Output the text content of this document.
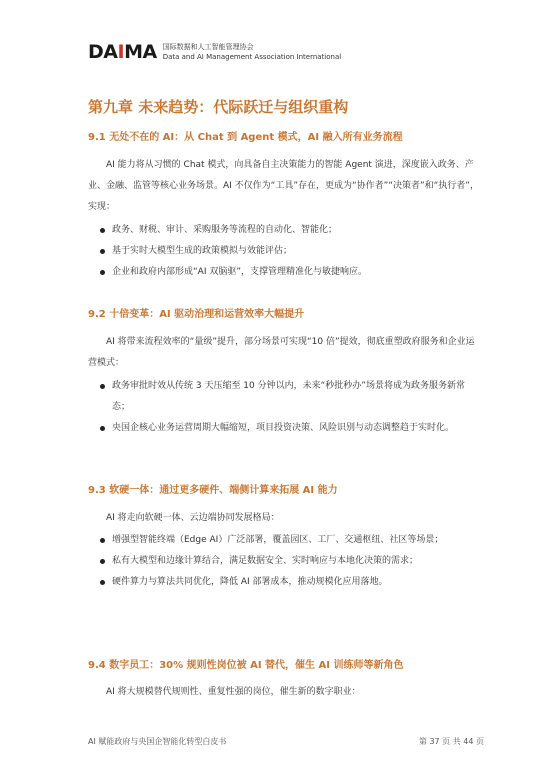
DAIMA 国际数据和人工智能管理协会
Data and AI Management Association International
第九章 未来趋势：代际跃迁与组织重构
9.1 无处不在的 AI：从 Chat 到 Agent 模式，AI 融入所有业务流程

AI 能力将从习惯的 Chat 模式，向具备自主决策能力的智能 Agent 演进，深度嵌入政务、产业、金融、监管等核心业务场景。AI 不仅作为“工具”存在，更成为“协作者”“决策者”和“执行者”，实现：

政务、财税、审计、采购服务等流程的自动化、智能化；
基于实时大模型生成的政策模拟与效能评估；
企业和政府内部形成“AI 双脑驱”，支撑管理精准化与敏捷响应。
9.2 十倍变革：AI 驱动治理和运营效率大幅提升

AI 将带来流程效率的“量级”提升，部分场景可实现“10 倍”提效，彻底重塑政府服务和企业运营模式：

政务审批时效从传统 3 天压缩至 10 分钟以内，未来“秒批秒办”场景将成为政务服务新常态；
央国企核心业务运营周期大幅缩短，项目投资决策、风险识别与动态调整趋于实时化。
9.3 软硬一体：通过更多硬件、端侧计算来拓展 AI 能力

AI 将走向软硬一体、云边端协同发展格局：

增强型智能终端（Edge AI）广泛部署，覆盖园区、工厂、交通枢纽、社区等场景；
私有大模型和边缘计算结合，满足数据安全、实时响应与本地化决策的需求；
硬件算力与算法共同优化，降低 AI 部署成本，推动规模化应用落地。
9.4 数字员工：30% 规则性岗位被 AI 替代，催生 AI 训练师等新角色

AI 将大规模替代规则性、重复性强的岗位，催生新的数字职业：

AI 赋能政府与央国企智能化转型白皮书	第 37 页 共 44 页
